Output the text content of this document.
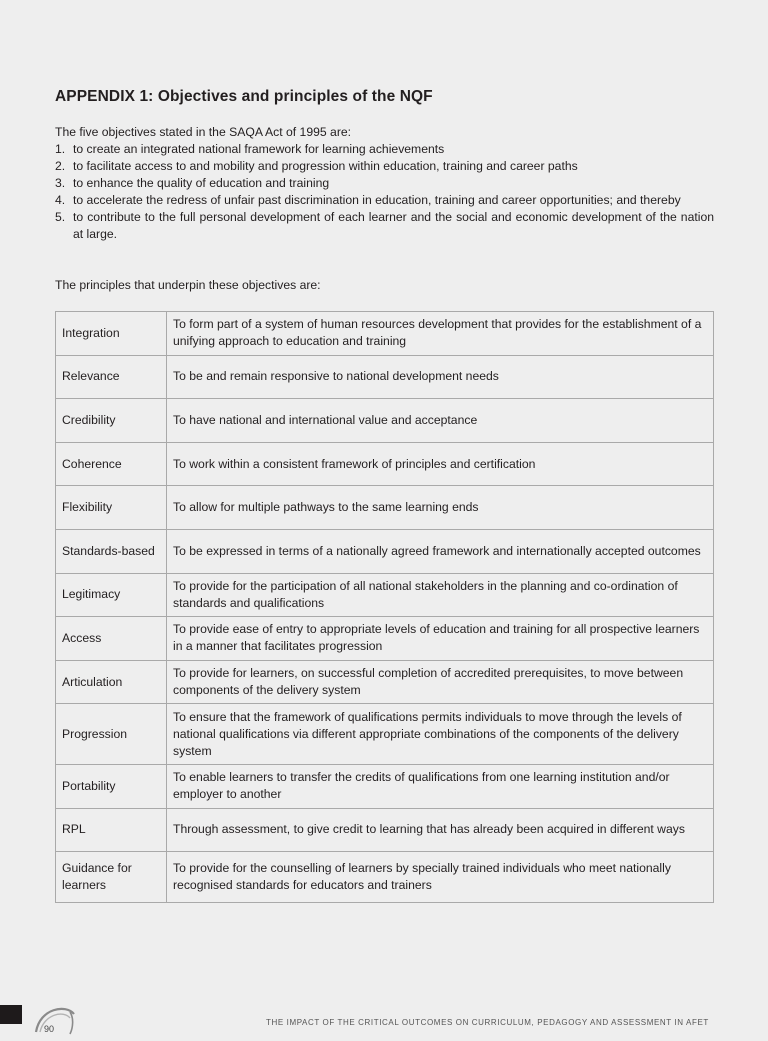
APPENDIX 1: Objectives and principles of the NQF
The five objectives stated in the SAQA Act of 1995 are:
1. to create an integrated national framework for learning achievements
2. to facilitate access to and mobility and progression within education, training and career paths
3. to enhance the quality of education and training
4. to accelerate the redress of unfair past discrimination in education, training and career opportunities; and thereby
5. to contribute to the full personal development of each learner and the social and economic development of the nation at large.
The principles that underpin these objectives are:
Integration	To form part of a system of human resources development that provides for the establishment of a unifying approach to education and training
Relevance	To be and remain responsive to national development needs
Credibility	To have national and international value and acceptance
Coherence	To work within a consistent framework of principles and certification
Flexibility	To allow for multiple pathways to the same learning ends
Standards-based	To be expressed in terms of a nationally agreed framework and internationally accepted outcomes
Legitimacy	To provide for the participation of all national stakeholders in the planning and co-ordination of standards and qualifications
Access	To provide ease of entry to appropriate levels of education and training for all prospective learners in a manner that facilitates progression
Articulation	To provide for learners, on successful completion of accredited prerequisites, to move between components of the delivery system
Progression	To ensure that the framework of qualifications permits individuals to move through the levels of national qualifications via different appropriate combinations of the components of the delivery system
Portability	To enable learners to transfer the credits of qualifications from one learning institution and/or employer to another
RPL	Through assessment, to give credit to learning that has already been acquired in different ways
Guidance for learners	To provide for the counselling of learners by specially trained individuals who meet nationally recognised standards for educators and trainers
90
THE IMPACT OF THE CRITICAL OUTCOMES ON CURRICULUM, PEDAGOGY AND ASSESSMENT IN AFET
